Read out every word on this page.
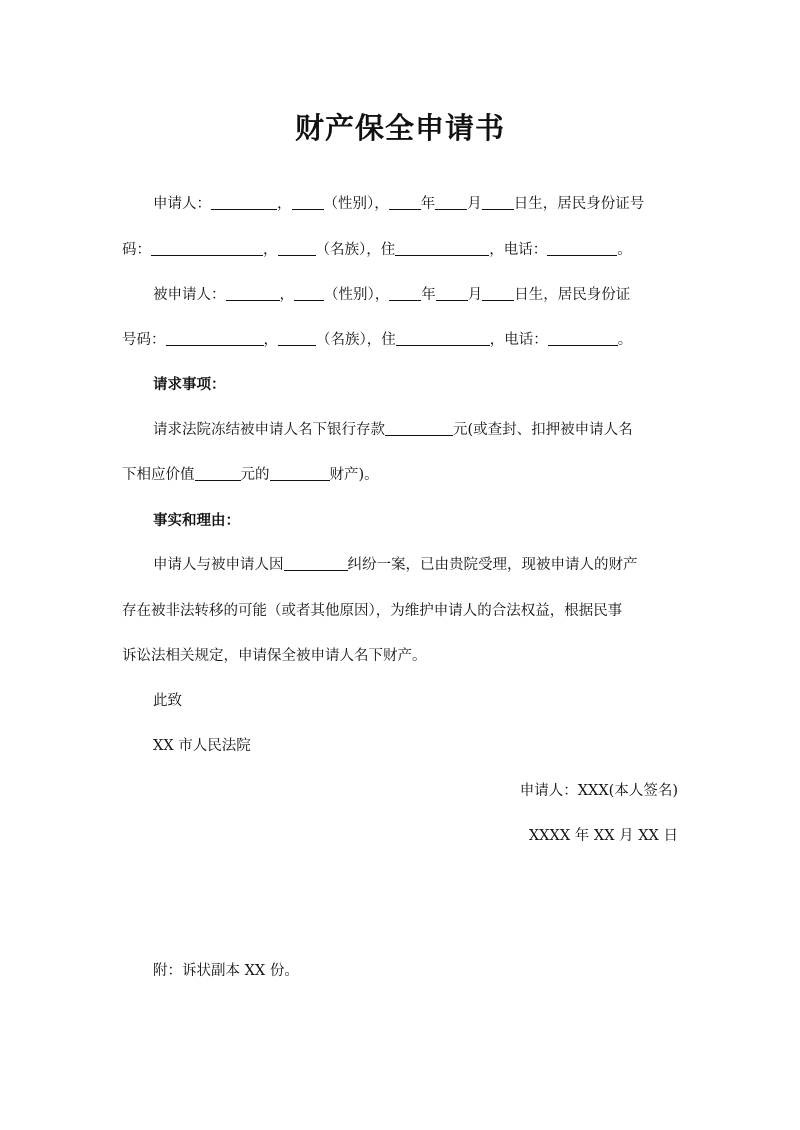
财产保全申请书
申请人：	， （性别）， 年 月 日生，居民身份证号
码：	，	（名族），住	，电话：	。
被申请人：	， （性别）， 年 月 日生，居民身份证
号码：	，	（名族），住	，电话：	。
请求事项：
请求法院冻结被申请人名下银行存款	元(或查封、扣押被申请人名
下相应价值	元的	财产)。
事实和理由：
申请人与被申请人因	纠纷一案，已由贵院受理，现被申请人的财产
存在被非法转移的可能（或者其他原因），为维护申请人的合法权益，根据民事
诉讼法相关规定，申请保全被申请人名下财产。
此致
XX 市人民法院
申请人：XXX(本人签名)
XXXX 年 XX 月 XX 日
附：诉状副本 XX 份。
